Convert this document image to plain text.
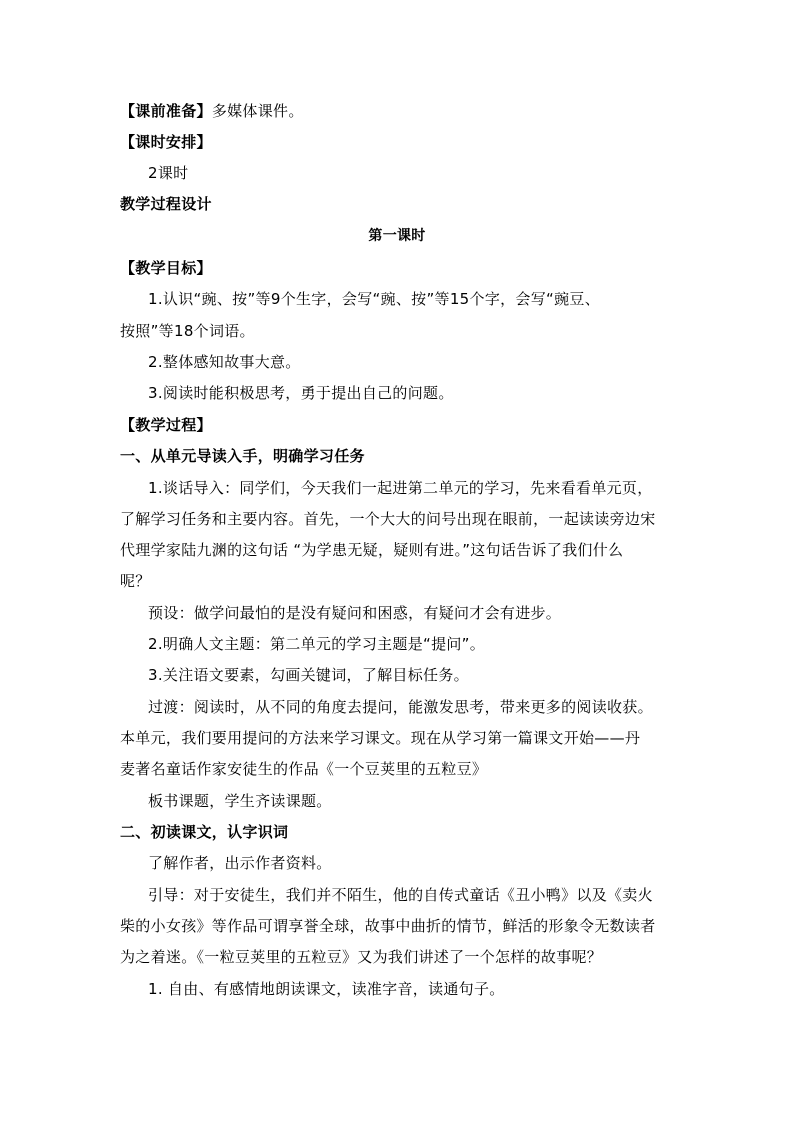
【课前准备】多媒体课件。
【课时安排】
2课时
教学过程设计
第一课时
【教学目标】
1.认识“豌、按”等9个生字，会写“豌、按”等15个字，会写“豌豆、
按照”等18个词语。
2.整体感知故事大意。
3.阅读时能积极思考，勇于提出自己的问题。
【教学过程】
一、从单元导读入手，明确学习任务
1.谈话导入：同学们，今天我们一起进第二单元的学习，先来看看单元页，
了解学习任务和主要内容。首先，一个大大的问号出现在眼前，一起读读旁边宋
代理学家陆九渊的这句话 “为学患无疑，疑则有进。”这句话告诉了我们什么
呢？
预设：做学问最怕的是没有疑问和困惑，有疑问才会有进步。
2.明确人文主题：第二单元的学习主题是“提问”。
3.关注语文要素，勾画关键词，了解目标任务。
过渡：阅读时，从不同的角度去提问，能激发思考，带来更多的阅读收获。
本单元，我们要用提问的方法来学习课文。现在从学习第一篇课文开始——丹
麦著名童话作家安徒生的作品《一个豆荚里的五粒豆》
板书课题，学生齐读课题。
二、初读课文，认字识词
了解作者，出示作者资料。
引导：对于安徒生，我们并不陌生，他的自传式童话《丑小鸭》以及《卖火
柴的小女孩》等作品可谓享誉全球，故事中曲折的情节，鲜活的形象令无数读者
为之着迷。《一粒豆荚里的五粒豆》又为我们讲述了一个怎样的故事呢？
1. 自由、有感情地朗读课文，读准字音，读通句子。
